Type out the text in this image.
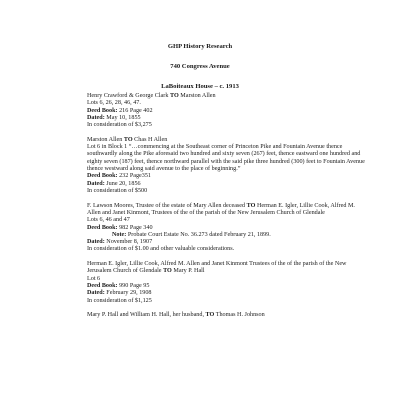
GHP History Research
740 Congress Avenue
LaBoiteaux House – c. 1913
Henry Crawford & George Clark TO Marston Allen
Lots 6, 26, 28, 46, 47.
Deed Book: 216 Page 402
Dated: May 10, 1855
In consideration of $3,275
Marston Allen TO Chas H Allen
Lot 6 in Block 1 “…commencing at the Southeast corner of Princeton Pike and Fountain Avenue thence southwardly along the Pike aforesaid two hundred and sixty seven (267) feet, thence eastward one hundred and eighty seven (187) feet, thence northward parallel with the said pike three hundred (300) feet to Fountain Avenue thence westward along said avenue to the place of beginning.”
Deed Book: 232 Page351
Dated: June 20, 1856
In consideration of $500
F. Lawson Moores, Trustee of the estate of Mary Allen deceased TO Herman E. Igler, Lillie Cook, Alfred M. Allen and Janet Kinmont, Trustees of the of the parish of the New Jerusalem Church of Glendale
Lots 6, 46 and 47
Deed Book: 982 Page 340
Note: Probate Court Estate No. 36.273 dated February 21, 1899.
Dated: November 8, 1907
In consideration of $1.00 and other valuable considerations.
Herman E. Igler, Lillie Cook, Alfred M. Allen and Janet Kinmont Trustees of the of the parish of the New Jerusalem Church of Glendale TO Mary P. Hall
Lot 6
Deed Book: 990 Page 95
Dated: February 29, 1908
In consideration of $1,125
Mary P. Hall and William H. Hall, her husband, TO Thomas H. Johnson
